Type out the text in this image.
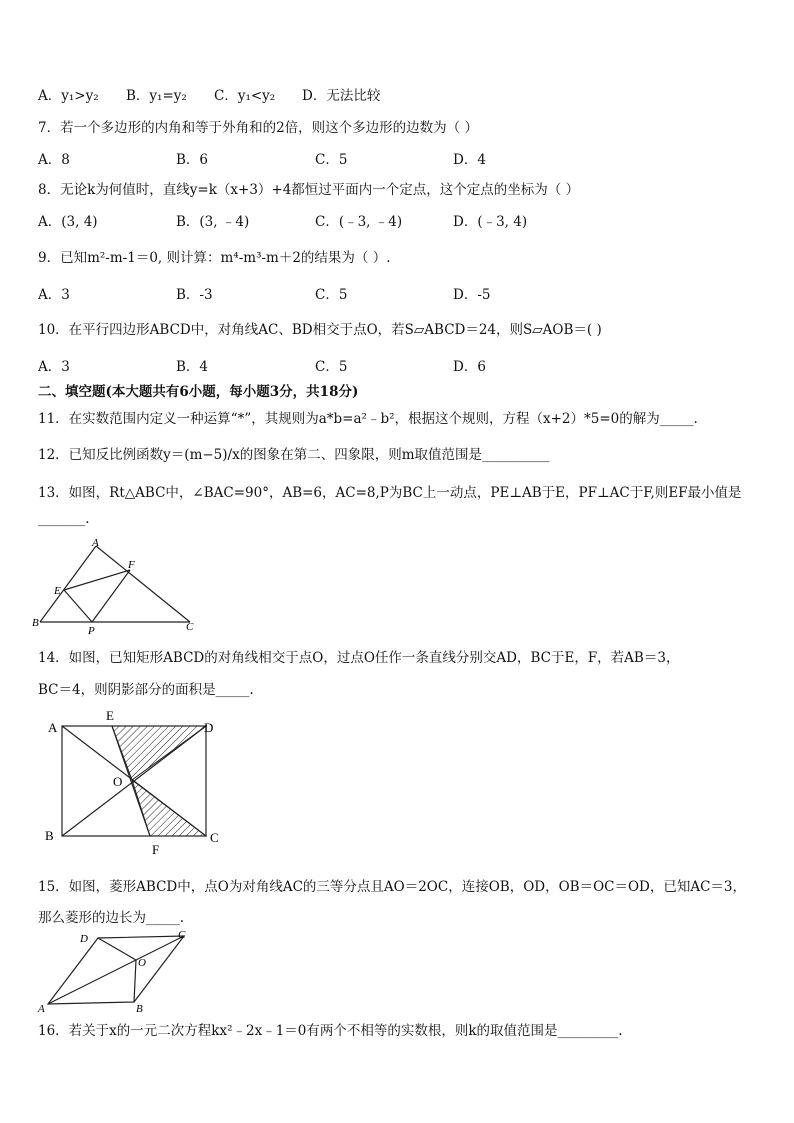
A．y₁>y₂ B．y₁=y₂ C．y₁<y₂ D．无法比较
7．若一个多边形的内角和等于外角和的2倍，则这个多边形的边数为（ ）
A．8	B．6	C．5	D．4
8．无论k为何值时，直线y=k（x+3）+4都恒过平面内一个定点，这个定点的坐标为（ ）
A．(3, 4)	B．(3, ﹣4)	C．(﹣3, ﹣4)	D．(﹣3, 4)
9．已知m²-m-1＝0, 则计算：m⁴-m³-m＋2的结果为（ ）.
A．3	B．-3	C．5	D．-5
10．在平行四边形ABCD中，对角线AC、BD相交于点O，若S▱ABCD＝24，则S▱AOB＝( )
A．3	B．4	C．5	D．6
二、填空题(本大题共有6小题，每小题3分，共18分)
11．在实数范围内定义一种运算“*”，其规则为a*b=a²﹣b²，根据这个规则，方程（x+2）*5=0的解为_____.
12．已知反比例函数y＝(m−5)/x的图象在第二、四象限，则m取值范围是__________
13．如图，Rt△ABC中，∠BAC=90°，AB=6，AC=8,P为BC上一动点，PE⊥AB于E，PF⊥AC于F,则EF最小值是
_______.
A
E
F
B
P	C
14．如图，已知矩形ABCD的对角线相交于点O，过点O任作一条直线分别交AD，BC于E，F，若AB＝3，
BC＝4，则阴影部分的面积是_____.
A
E
D
O
B	C
F
15．如图，菱形ABCD中，点O为对角线AC的三等分点且AO＝2OC，连接OB，OD，OB＝OC＝OD，已知AC＝3，
那么菱形的边长为_____.
D	C
O
A	B
16．若关于x的一元二次方程kx²﹣2x﹣1＝0有两个不相等的实数根，则k的取值范围是_________.
